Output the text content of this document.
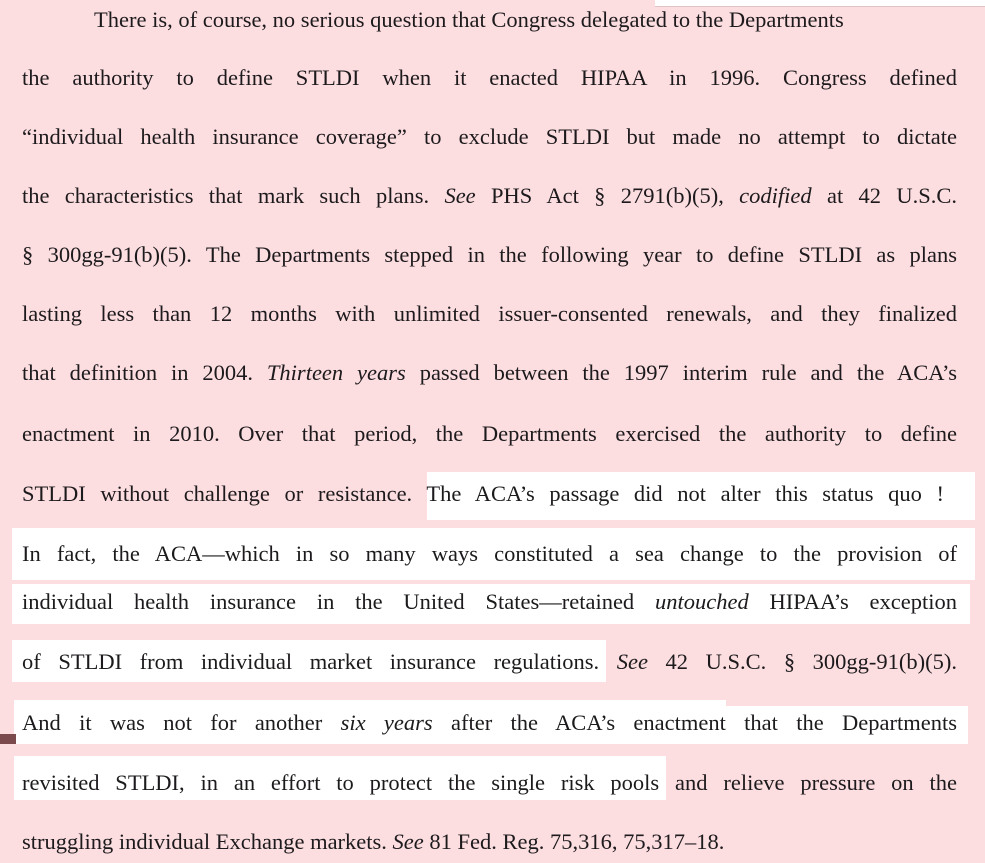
There is, of course, no serious question that Congress delegated to the Departments
the authority to define STLDI when it enacted HIPAA in 1996. Congress defined
“individual health insurance coverage” to exclude STLDI but made no attempt to dictate
the characteristics that mark such plans. See PHS Act § 2791(b)(5), codified at 42 U.S.C.
§ 300gg-91(b)(5). The Departments stepped in the following year to define STLDI as plans
lasting less than 12 months with unlimited issuer-consented renewals, and they finalized
that definition in 2004. Thirteen years passed between the 1997 interim rule and the ACA’s
enactment in 2010. Over that period, the Departments exercised the authority to define
STLDI without challenge or resistance. The ACA’s passage did not alter this status quo !
In fact, the ACA—which in so many ways constituted a sea change to the provision of
individual health insurance in the United States—retained untouched HIPAA’s exception
of STLDI from individual market insurance regulations. See 42 U.S.C. § 300gg-91(b)(5).
And it was not for another six years after the ACA’s enactment that the Departments
revisited STLDI, in an effort to protect the single risk pools and relieve pressure on the
struggling individual Exchange markets. See 81 Fed. Reg. 75,316, 75,317–18.
